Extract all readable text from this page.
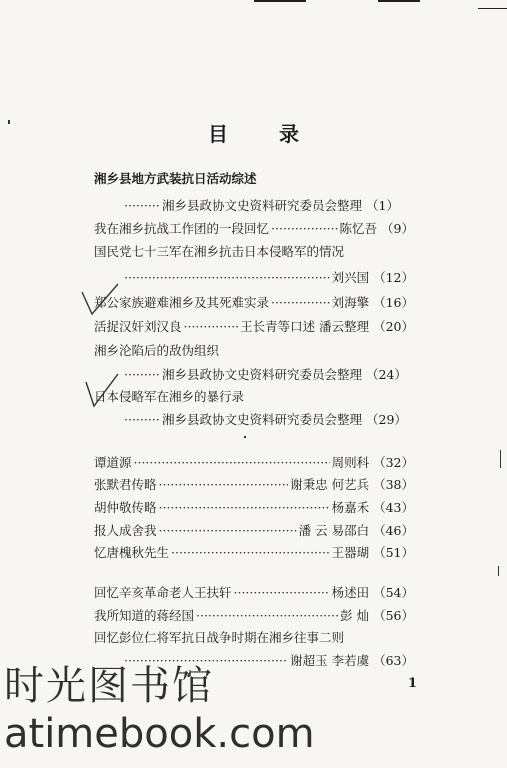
目 录
湘乡县地方武装抗日活动综述
·····
湘乡县政协文史资料研究委员会整理 （1）
我在湘乡抗战工作团的一段回忆 ·····	陈忆吾 （9）
国民党七十三军在湘乡抗击日本侵略军的情况
·····
刘兴国 （12）
郑公家族避难湘乡及其死难实录 ·····	刘海擎 （16）
活捉汉奸刘汉良 ·····	王长青等口述 潘云整理 （20）
湘乡沦陷后的敌伪组织
·····
湘乡县政协文史资料研究委员会整理 （24）
日本侵略军在湘乡的暴行录
·····
湘乡县政协文史资料研究委员会整理 （29）
谭道源 ·····	周则科 （32）
张默君传略 ·····	谢秉忠 何艺兵 （38）
胡仲敬传略 ·····	杨嘉禾 （43）
报人成舍我 ·····	潘 云 易邵白 （46）
忆唐槐秋先生 ·····	王器瑚 （51）
回忆辛亥革命老人王扶轩 ·····	杨述田 （54）
我所知道的蒋经国 ·····	彭 灿 （56）
回忆彭位仁将军抗日战争时期在湘乡往事二则
·····
谢超玉 李若虞 （63）
1
时光图书馆
atimebook.com
